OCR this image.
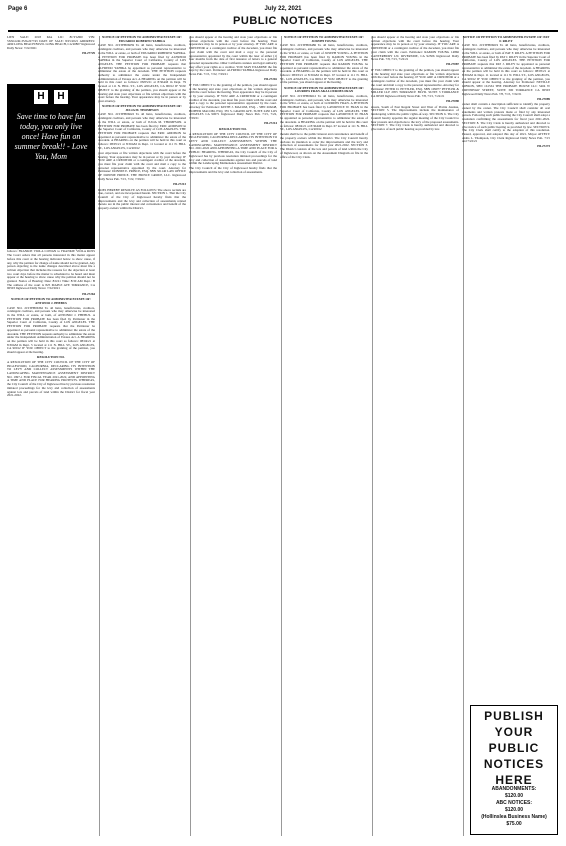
Page 6	July 22, 2021
PUBLIC NOTICES

LIEN SALE: 2018 KIA LIC: 8CYG800 VIN: 5XXGU4L35JG227743 DATE OF SALE: 8/25/2021 ADDRESS: 4499 LONG BEACH BLVD. LONG BEACH, CA 90807 Inglewood Daily News: 7/22/2021

HI-27729

follows: FRANKIE VIOLA COWAN to FRANKIE VIOLA ROSS The Court orders that all persons interested in this matter appear before this court at the hearing indicated below to show cause, if any, why the petition for change of name should not be granted. Any person objecting to the name changes described above must file a written objection that includes the reasons for the objection at least two court days before the matter is scheduled to be heard and must appear at the hearing to show cause why the petition should not be granted. Notice of Hearing: Date: 8/6/21 Time: 8:30 AM Dept.: B The address of the court is 825 MAPLE AVE TORRANCE, CA 90503 Inglewood Daily News: 7/22/2021

HI-27264

NOTICE OF PETITION TO ADMINISTER ESTATE OF: ANTONIO J. PHEBUS

CASE NO. 21STPB06362 To all heirs, beneficiaries, creditors, contingent creditors, and persons who may otherwise be interested in the WILL or estate, or both, of ANTONIO J. PHEBUS. A PETITION FOR PROBATE has been filed by Petitioner in the Superior Court of California, County of LOS ANGELES. THE PETITION FOR PROBATE requests that the Petitioner be appointed as personal representative to administer the estate of the decedent. THE PETITION requests authority to administer the estate under the Independent Administration of Estates Act. A HEARING on the petition will be held in this court as follows: 08/04/21 at 8:30AM in Dept. 5 located at 111 N. HILL ST., LOS ANGELES, CA 90012 IF YOU OBJECT to the granting of the petition, you should appear at the hearing.

RESOLUTION NO.

A RESOLUTION OF THE CITY COUNCIL OF THE CITY OF INGLEWOOD, CALIFORNIA, DECLARING ITS INTENTION TO LEVY AND COLLECT ASSESSMENTS WITHIN THE LANDSCAPING MAINTENANCE ASSESSMENT DISTRICT NO. 1997-1 FOR FISCAL YEAR 2021-2022, AND APPOINTING A TIME AND PLACE FOR HEARING PROTESTS. WHEREAS, the City Council of the City of Inglewood has by previous resolution initiated proceedings for the levy and collection of assessments against lots and parcels of land within the District for fiscal year 2021-2022.

NOTICE OF PETITION TO ADMINISTER ESTATE OF: EDUARDO ROBERTO YAHIKA

CASE NO. 21STPB06659 To all heirs, beneficiaries, creditors, contingent creditors, and persons who may otherwise be interested in the WILL or estate, or both of EDUARDO ROBERTO YAHIKA. A PETITION FOR PROBATE has been filed by ALFREDO YAHIKA in the Superior Court of California, County of LOS ANGELES. THE PETITION FOR PROBATE requests that ALFREDO YAHIKA be appointed as personal representative to administer the estate of the decedent. THE PETITION requests authority to administer the estate under the Independent Administration of Estates Act. A HEARING on the petition will be held in this court as follows: 08/05/21 at 8:30AM in Dept. 79 located at 111 N. HILL ST., LOS ANGELES, CA 90012 IF YOU OBJECT to the granting of the petition, you should appear at the hearing and state your objections or file written objections with the court before the hearing. Your appearance may be in person or by your attorney.

NOTICE OF PETITION TO ADMINISTER ESTATE OF: JULIA M. THOMPSON

CASE NO. 21STPB06622 To all heirs, beneficiaries, creditors, contingent creditors, and persons who may otherwise be interested in the WILL or estate, or both of JULIA M. THOMPSON. A PETITION FOR PROBATE has been filed by ERIC ADDISON in the Superior Court of California, County of LOS ANGELES. THE PETITION FOR PROBATE requests that ERIC ADDISON be appointed as personal representative to administer the estate of the decedent. A HEARING on the petition will be held in this court as follows: 08/05/21 at 8:30AM in Dept. 11 located at 111 N. HILL ST., LOS ANGELES, CA 90012

your objections or file written objections with the court before the hearing. Your appearance may be in person or by your attorney. IF YOU ARE A CREDITOR or a contingent creditor of the decedent, you must file your claim with the court and mail a copy to the personal representative appointed by the court. Attorney for Petitioner: DONNIE E. PRINCE, ESQ. SBN 321140 LAW OFFICE OF DONNIE PRINCE. THE PRINCE GROUP, LLC. Inglewood Daily News Pub. 7/15, 7/22, 7/29/21

HI-27213

DOES HEREBY RESOLVE AS FOLLOWS: The above recitals are true, correct, and are incorporated herein. SECTION 1. That the City Council of the City of Inglewood hereby finds that the improvements and the levy and collection of assessments related thereto are in the public interest and convenience and benefit of the property owners within the District.

you should appear at the hearing and state your objections or file written objections with the court before the hearing. Your appearance may be in person or by your attorney. IF YOU ARE A CREDITOR or a contingent creditor of the decedent, you must file your claim with the court and mail a copy to the personal representative appointed by the court within the later of either (1) four months from the date of first issuance of letters to a general personal representative. Other California statutes and legal authority may affect your rights as a creditor. YOU MAY EXAMINE the file kept by the court. Petitioner: ALFREDO YAHIKA Inglewood Daily News Pub. 7/15, 7/22, 7/29/21

HI-27216

IF YOU OBJECT to the granting of the petition, you should appear at the hearing and state your objections or file written objections with the court before the hearing. Your appearance may be in person or by your attorney. IF YOU ARE A CREDITOR or a contingent creditor of the decedent, you must file your claim with the court and mail a copy to the personal representative appointed by the court. Attorney for Petitioner: KEITH J. MACOM, ESQ. - SBN 266248, HOPPER MACOM, ESQ. 355 S. GRAND AVE. SUITE 2450 LOS ANGELES CA 90071 Inglewood Daily News Pub. 7/15, 7/22, 7/29/21

HI-27214

RESOLUTION NO.

A RESOLUTION OF THE CITY COUNCIL OF THE CITY OF INGLEWOOD, CALIFORNIA DECLARING ITS INTENTION TO LEVY AND COLLECT ASSESSMENTS WITHIN THE LANDSCAPING MAINTENANCE ASSESSMENT DISTRICT NO. 2021-2022 AND APPOINTING A TIME AND PLACE FOR A PUBLIC HEARING. WHEREAS, the City Council of the City of Inglewood has by previous resolution initiated proceedings for the levy and collection of assessments against lots and parcels of land within the Landscaping Maintenance Assessment District.

The City Council of the City of Inglewood hereby finds that the improvements and the levy and collection of assessments.

NOTICE OF PETITION TO ADMINISTER ESTATE OF: JOSEPH YOUNG

CASE NO. 21STPB06486 To all heirs, beneficiaries, creditors, contingent creditors, and persons who may otherwise be interested in the WILL or estate, or both of JOSEPH YOUNG. A PETITION FOR PROBATE has been filed by RAMON YOUNG in the Superior Court of California, County of LOS ANGELES. THE PETITION FOR PROBATE requests that RAMON YOUNG be appointed as personal representative to administer the estate of the decedent. A HEARING on the petition will be held in this court as follows: 08/03/21 at 8:30AM in Dept. 67 located at 111 N. HILL ST., LOS ANGELES, CA 90012 IF YOU OBJECT to the granting of the petition, you should appear at the hearing.

NOTICE OF PETITION TO ADMINISTER ESTATE OF: LOURDES FRAN AKA LOURDES FRAN

CASE NO. 21STPB06612 To all heirs, beneficiaries, creditors, contingent creditors, and persons who may otherwise be interested in the WILL or estate, or both of LOURDES FRAN. A PETITION FOR PROBATE has been filed by LAWRENCE W. FRAN in the Superior Court of California, County of LOS ANGELES. THE PETITION FOR PROBATE requests that LAWRENCE W. FRAN be appointed as personal representative to administer the estate of the decedent. A HEARING on the petition will be held in this court as follows: 08/04/21 at 8:30AM in Dept. 67 located at 111 N. HILL ST., LOS ANGELES, CA 90012

therein shall be to the public interest and convenience and benefit of the property owners within the District. The City Council hereby declares its intention to order the improvements and the levy and collection of assessments for fiscal year 2021-2022. SECTION 3. The District consists of the lots and parcels of land within the City of Inglewood, as shown on the Assessment Diagram on file in the office of the City Clerk.

you should appear at the hearing and state your objections or file written objections with the court before the hearing. Your appearance may be in person or by your attorney. IF YOU ARE A CREDITOR or a contingent creditor of the decedent, you must file your claim with the court. Petitioner: RAMON YOUNG 14866 CANTERBURY LN. RIVERSIDE, CA 92506 Inglewood Daily News Pub. 7/8, 7/15, 7/22/21

HI-27087

IF YOU OBJECT to the granting of the petition, you should appear at the hearing and state your objections or file written objections with the court before the hearing. IF YOU ARE A CREDITOR or a contingent creditor of the decedent, you must file your claim with the court and mail a copy to the personal representative. Attorney for Petitioner: PETER D. PETTLER, ESQ. SBN 109077 PETTLER & MILLER LLP 2955 TORRANCE BLVD. SUITE 3 TORRANCE CA 90503 Inglewood Daily News Pub. 7/8, 7/15, 7/22/21

HI-27090

streets, South of East Regent Street and West of Prairie Avenue. SECTION 5. The improvements include the maintenance of landscaping within the public rights-of-way. SECTION 6. The City Council hereby appoints the regular meeting of the City Council to hear protests and objections to the levy of the proposed assessments. SECTION 7. The City Clerk is hereby authorized and directed to give notice of such public hearing as provided by law.

NOTICE OF PETITION TO ADMINISTER ESTATE OF: PAT F. RILEY

CASE NO. 21STPB06619 To all heirs, beneficiaries, creditors, contingent creditors, and persons who may otherwise be interested in the WILL or estate, or both of PAT F. RILEY. A PETITION FOR PROBATE has been filed by PAT J. RILEY in the Superior Court of California, County of LOS ANGELES. THE PETITION FOR PROBATE requests that PAT J. RILEY be appointed as personal representative to administer the estate of the decedent. A HEARING on the petition will be held in this court as follows: 08/05/21 at 8:30AM in Dept. 11 located at 111 N. HILL ST., LOS ANGELES, CA 90012 IF YOU OBJECT to the granting of the petition, you should appear at the hearing. Attorney for Petitioner: NEVILLE GIBSON, SBN 161534 THE PROBATE HOUSE LLC 5404 W CRENSHAW STREET, SUITE 300 TORRANCE CA 90503 Inglewood Daily News Pub. 7/8, 7/15, 7/22/21

HI-27089

owner shall contain a description sufficient to identify the property owned by the owner. The City Council shall consider all oral statements and written protests made or filed by any interested person. Following such public hearing the City Council shall adopt a resolution confirming the assessments for fiscal year 2021-2022. SECTION 8. The City Clerk is hereby authorized and directed to give notice of such public hearing as provided by law. SECTION 9. The City Clerk shall certify to the adoption of this resolution. Passed, approved, and adopted this day of 2021. Mayor ATTEST: Aisha L. Thompson, City Clerk Inglewood Daily News Pub. 7/15 and 7/22/21

HI-27273

H	H
Save time to have fun today, you only live once! Have fun on summer break!! - Love You, Mom
PUBLISH
YOUR
PUBLIC
NOTICES
HERE
ABANDONMENTS:
$120.00
ABC NOTICES:
$120.00
(Hollinslea Business Name)
$75.00
